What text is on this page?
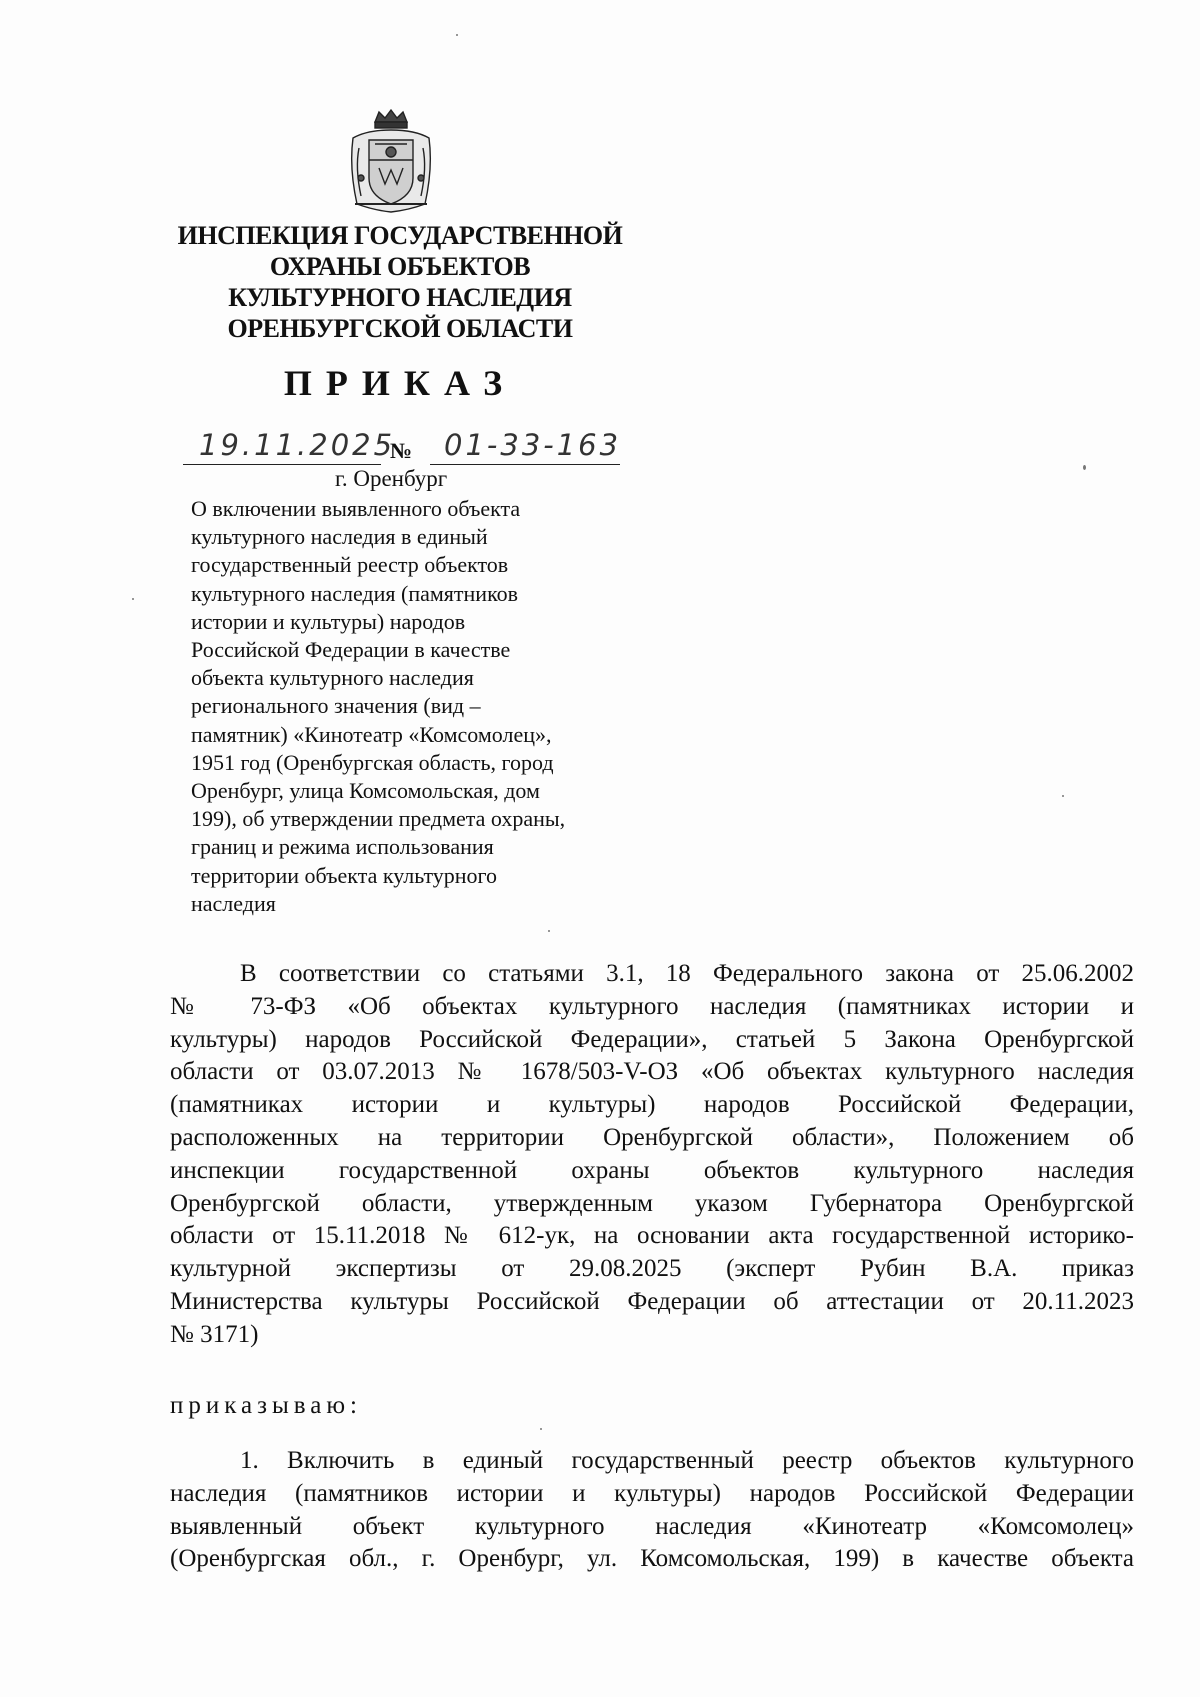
ИНСПЕКЦИЯ ГОСУДАРСТВЕННОЙ
ОХРАНЫ ОБЪЕКТОВ
КУЛЬТУРНОГО НАСЛЕДИЯ
ОРЕНБУРГСКОЙ ОБЛАСТИ
ПРИКАЗ
19.11.2025
№ 01-33-163
г. Оренбург
О включении выявленного объекта
культурного наследия в единый
государственный реестр объектов
культурного наследия (памятников
истории и культуры) народов
Российской Федерации в качестве
объекта культурного наследия
регионального значения (вид –
памятник) «Кинотеатр «Комсомолец»,
1951 год (Оренбургская область, город
Оренбург, улица Комсомольская, дом
199), об утверждении предмета охраны,
границ и режима использования
территории объекта культурного
наследия
В соответствии со статьями 3.1, 18 Федерального закона от 25.06.2002
№ 73-ФЗ «Об объектах культурного наследия (памятниках истории и
культуры) народов Российской Федерации», статьей 5 Закона Оренбургской
области от 03.07.2013 № 1678/503-V-ОЗ «Об объектах культурного наследия
(памятниках истории и культуры) народов Российской Федерации,
расположенных на территории Оренбургской области», Положением об
инспекции государственной охраны объектов культурного наследия
Оренбургской области, утвержденным указом Губернатора Оренбургской
области от 15.11.2018 № 612-ук, на основании акта государственной историко-
культурной экспертизы от 29.08.2025 (эксперт Рубин В.А. приказ
Министерства культуры Российской Федерации об аттестации от 20.11.2023
№ 3171)
приказываю:
1. Включить в единый государственный реестр объектов культурного
наследия (памятников истории и культуры) народов Российской Федерации
выявленный объект культурного наследия «Кинотеатр «Комсомолец»
(Оренбургская обл., г. Оренбург, ул. Комсомольская, 199) в качестве объекта
